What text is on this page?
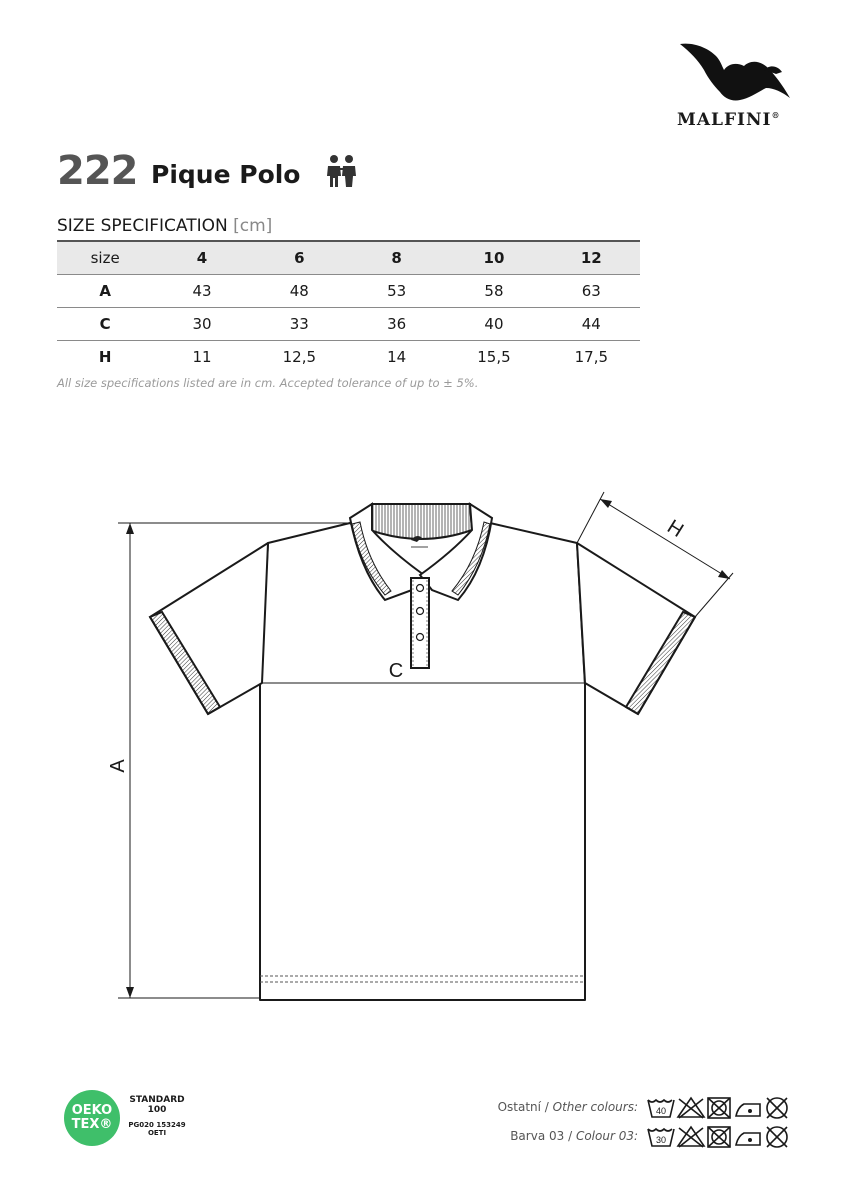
MALFINI®
222 Pique Polo
SIZE SPECIFICATION [cm]
size	4	6	8	10	12
A	43	48	53	58	63
C	30	33	36	40	44
H	11	12,5	14	15,5	17,5
All size specifications listed are in cm. Accepted tolerance of up to ± 5%.
C
A
H
OEKO
TEX®
STANDARD
100
PG020 153249
OETI
Ostatní / Other colours:
Barva 03 / Colour 03:
40
30
